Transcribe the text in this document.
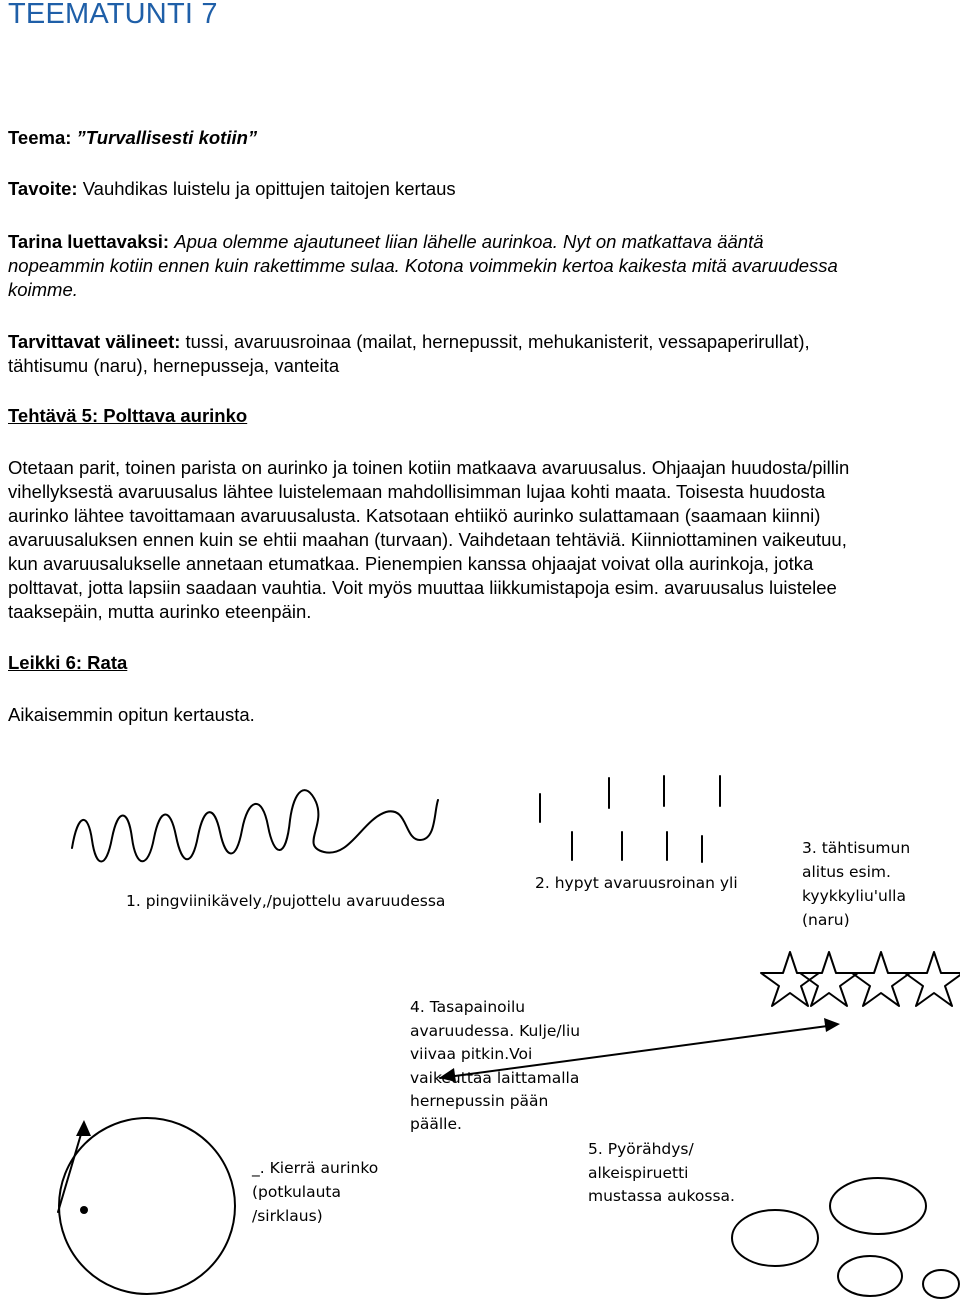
TEEMATUNTI 7
Teema: ”Turvallisesti kotiin”
Tavoite: Vauhdikas luistelu ja opittujen taitojen kertaus
Tarina luettavaksi: Apua olemme ajautuneet liian lähelle aurinkoa. Nyt on matkattava ääntä
nopeammin kotiin ennen kuin rakettimme sulaa. Kotona voimmekin kertoa kaikesta mitä avaruudessa
koimme.
Tarvittavat välineet: tussi, avaruusroinaa (mailat, hernepussit, mehukanisterit, vessapaperirullat),
tähtisumu (naru), hernepusseja, vanteita
Tehtävä 5: Polttava aurinko
Otetaan parit, toinen parista on aurinko ja toinen kotiin matkaava avaruusalus. Ohjaajan huudosta/pillin
vihellyksestä avaruusalus lähtee luistelemaan mahdollisimman lujaa kohti maata. Toisesta huudosta
aurinko lähtee tavoittamaan avaruusalusta. Katsotaan ehtiikö aurinko sulattamaan (saamaan kiinni)
avaruusaluksen ennen kuin se ehtii maahan (turvaan). Vaihdetaan tehtäviä. Kiinniottaminen vaikeutuu,
kun avaruusalukselle annetaan etumatkaa. Pienempien kanssa ohjaajat voivat olla aurinkoja, jotka
polttavat, jotta lapsiin saadaan vauhtia. Voit myös muuttaa liikkumistapoja esim. avaruusalus luistelee
taaksepäin, mutta aurinko eteenpäin.
Leikki 6: Rata
Aikaisemmin opitun kertausta.
1. pingviinikävely,/pujottelu avaruudessa
2. hypyt avaruusroinan yli
3. tähtisumun
alitus esim.
kyykkyliu'ulla
(naru)
4. Tasapainoilu
avaruudessa. Kulje/liu
viivaa pitkin.Voi
vaikeuttaa laittamalla
hernepussin pään
päälle.
5. Pyörähdys/
alkeispiruetti
mustassa aukossa.
_. Kierrä aurinko
(potkulauta
/sirklaus)
